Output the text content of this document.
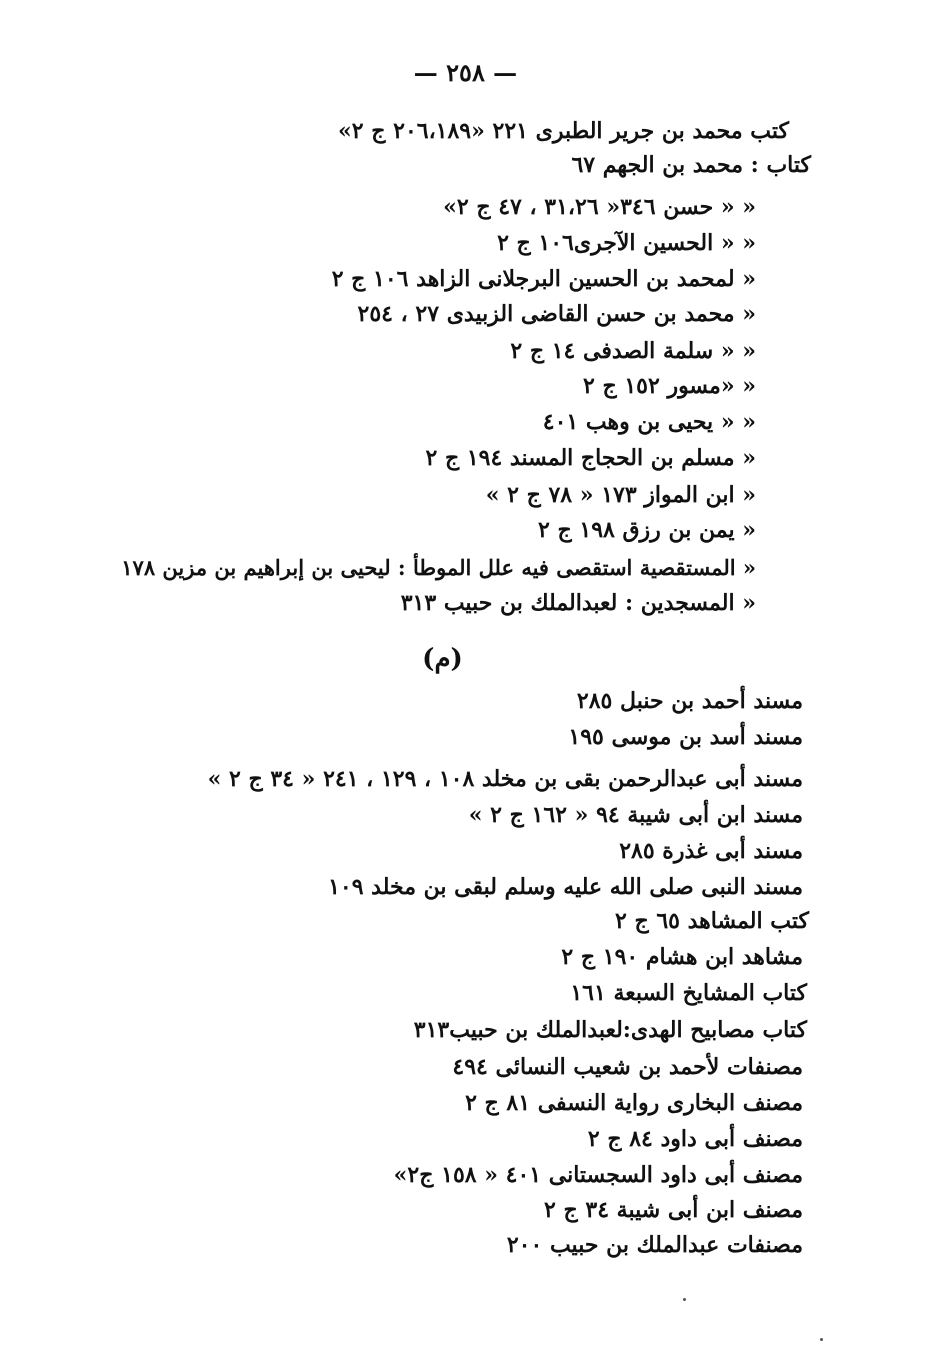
— ٢٥٨ —
كتب محمد بن جرير الطبرى ٢٢١ «٢٠٦،١٨٩ ج ٢»
كتاب : محمد بن الجهم ٦٧
« « حسن ٣٤٦« ٣١،٢٦ ، ٤٧ ج ٢»
« « الحسين الآجرى١٠٦ ج ٢
« لمحمد بن الحسين البرجلانى الزاهد ١٠٦ ج ٢
« محمد بن حسن القاضى الزبيدى ٢٧ ، ٢٥٤
« « سلمة الصدفى ١٤ ج ٢
« «مسور ١٥٢ ج ٢
« « يحيى بن وهب ٤٠١
« مسلم بن الحجاج المسند ١٩٤ ج ٢
« ابن المواز ١٧٣ « ٧٨ ج ٢ »
« يمن بن رزق ١٩٨ ج ٢
« المستقصية استقصى فيه علل الموطأ : ليحيى بن إبراهيم بن مزين ١٧٨
« المسجدين : لعبدالملك بن حبيب ٣١٣
(م)
مسند أحمد بن حنبل ٢٨٥
مسند أسد بن موسى ١٩٥
مسند أبى عبدالرحمن بقى بن مخلد ١٠٨ ، ١٢٩ ، ٢٤١ « ٣٤ ج ٢ »
مسند ابن أبى شيبة ٩٤ « ١٦٢ ج ٢ »
مسند أبى غذرة ٢٨٥
مسند النبى صلى الله عليه وسلم لبقى بن مخلد ١٠٩
كتب المشاهد ٦٥ ج ٢
مشاهد ابن هشام ١٩٠ ج ٢
كتاب المشايخ السبعة ١٦١
كتاب مصابيح الهدى:لعبدالملك بن حبيب٣١٣
مصنفات لأحمد بن شعيب النسائى ٤٩٤
مصنف البخارى رواية النسفى ٨١ ج ٢
مصنف أبى داود ٨٤ ج ٢
مصنف أبى داود السجستانى ٤٠١ « ١٥٨ ج٢»
مصنف ابن أبى شيبة ٣٤ ج ٢
مصنفات عبدالملك بن حبيب ٢٠٠
